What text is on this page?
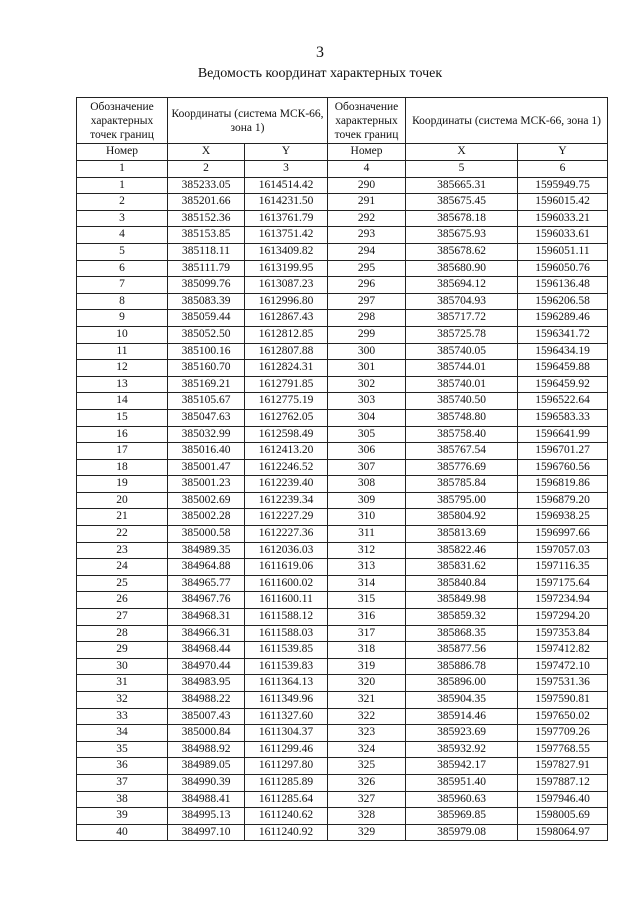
3
Ведомость координат характерных точек
Обозначение характерных точек границ	Координаты (система МСК-66, зона 1)		Обозначение характерных точек границ	Координаты (система МСК-66, зона 1)	
Номер	X	Y	Номер	X	Y
1	2	3	4	5	6
1	385233.05	1614514.42	290	385665.31	1595949.75
2	385201.66	1614231.50	291	385675.45	1596015.42
3	385152.36	1613761.79	292	385678.18	1596033.21
4	385153.85	1613751.42	293	385675.93	1596033.61
5	385118.11	1613409.82	294	385678.62	1596051.11
6	385111.79	1613199.95	295	385680.90	1596050.76
7	385099.76	1613087.23	296	385694.12	1596136.48
8	385083.39	1612996.80	297	385704.93	1596206.58
9	385059.44	1612867.43	298	385717.72	1596289.46
10	385052.50	1612812.85	299	385725.78	1596341.72
11	385100.16	1612807.88	300	385740.05	1596434.19
12	385160.70	1612824.31	301	385744.01	1596459.88
13	385169.21	1612791.85	302	385740.01	1596459.92
14	385105.67	1612775.19	303	385740.50	1596522.64
15	385047.63	1612762.05	304	385748.80	1596583.33
16	385032.99	1612598.49	305	385758.40	1596641.99
17	385016.40	1612413.20	306	385767.54	1596701.27
18	385001.47	1612246.52	307	385776.69	1596760.56
19	385001.23	1612239.40	308	385785.84	1596819.86
20	385002.69	1612239.34	309	385795.00	1596879.20
21	385002.28	1612227.29	310	385804.92	1596938.25
22	385000.58	1612227.36	311	385813.69	1596997.66
23	384989.35	1612036.03	312	385822.46	1597057.03
24	384964.88	1611619.06	313	385831.62	1597116.35
25	384965.77	1611600.02	314	385840.84	1597175.64
26	384967.76	1611600.11	315	385849.98	1597234.94
27	384968.31	1611588.12	316	385859.32	1597294.20
28	384966.31	1611588.03	317	385868.35	1597353.84
29	384968.44	1611539.85	318	385877.56	1597412.82
30	384970.44	1611539.83	319	385886.78	1597472.10
31	384983.95	1611364.13	320	385896.00	1597531.36
32	384988.22	1611349.96	321	385904.35	1597590.81
33	385007.43	1611327.60	322	385914.46	1597650.02
34	385000.84	1611304.37	323	385923.69	1597709.26
35	384988.92	1611299.46	324	385932.92	1597768.55
36	384989.05	1611297.80	325	385942.17	1597827.91
37	384990.39	1611285.89	326	385951.40	1597887.12
38	384988.41	1611285.64	327	385960.63	1597946.40
39	384995.13	1611240.62	328	385969.85	1598005.69
40	384997.10	1611240.92	329	385979.08	1598064.97
